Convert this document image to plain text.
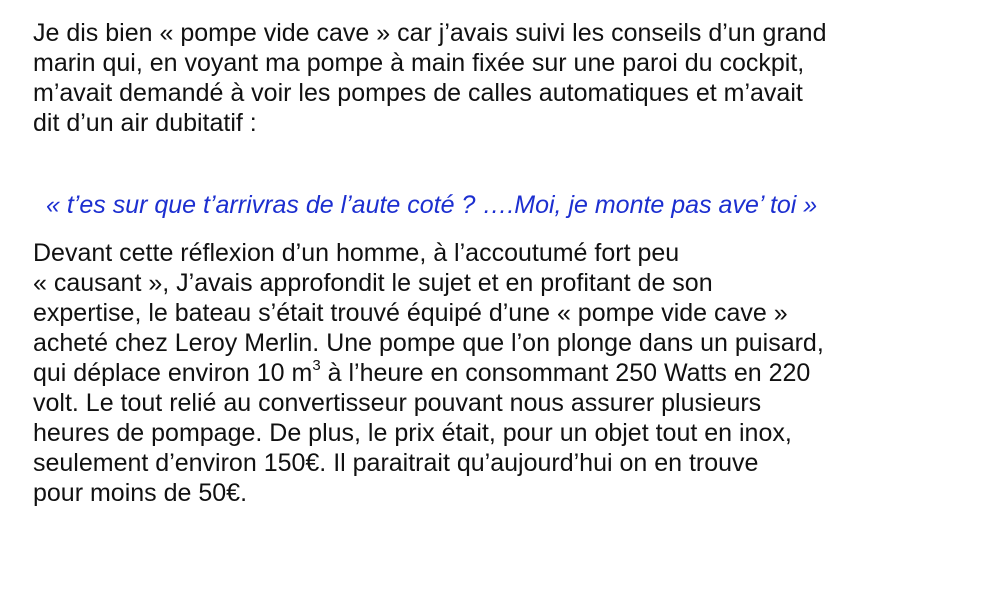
Je dis bien « pompe vide cave » car j’avais suivi les conseils d’un grand
marin qui, en voyant ma pompe à main fixée sur une paroi du cockpit,
m’avait demandé à voir les pompes de calles automatiques et m’avait
dit d’un air dubitatif :

« t’es sur que t’arrivras de l’aute coté ? ….Moi, je monte pas ave’ toi »

Devant cette réflexion d’un homme, à l’accoutumé fort peu
« causant », J’avais approfondit le sujet et en profitant de son
expertise, le bateau s’était trouvé équipé d’une « pompe vide cave »
acheté chez Leroy Merlin. Une pompe que l’on plonge dans un puisard,
qui déplace environ 10 $m^3$ à l’heure en consommant 250 Watts en 220
volt. Le tout relié au convertisseur pouvant nous assurer plusieurs
heures de pompage. De plus, le prix était, pour un objet tout en inox,
seulement d’environ 150€. Il paraitrait qu’aujourd’hui on en trouve
pour moins de 50€.
